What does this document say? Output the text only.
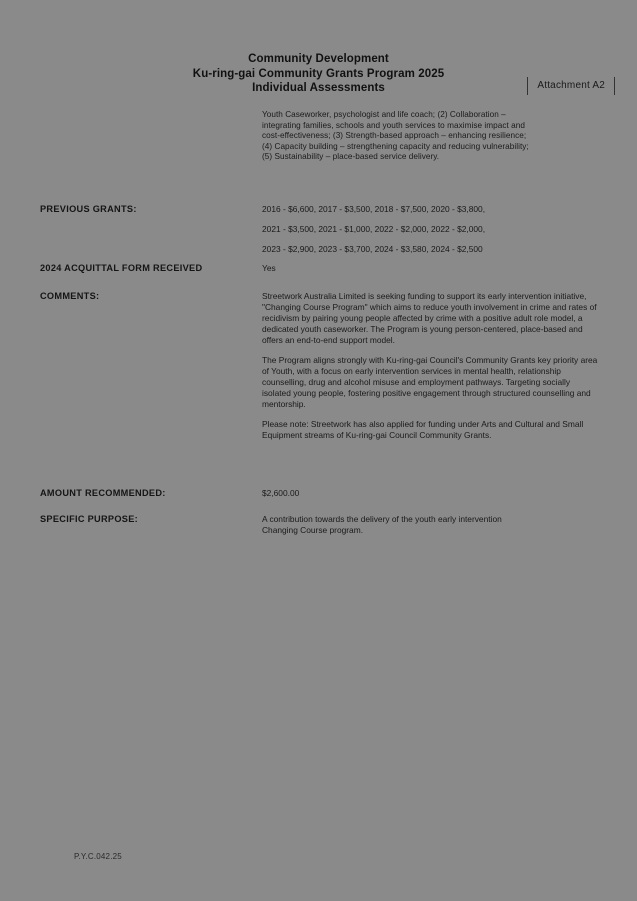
Community Development
Ku-ring-gai Community Grants Program 2025
Individual Assessments	Attachment A2
Youth Caseworker, psychologist and life coach; (2) Collaboration –
integrating families, schools and youth services to maximise impact and
cost-effectiveness; (3) Strength-based approach – enhancing resilience;
(4) Capacity building – strengthening capacity and reducing vulnerability;
(5) Sustainability – place-based service delivery.
PREVIOUS GRANTS:	2016 - $6,600, 2017 - $3,500, 2018 - $7,500, 2020 - $3,800,
2021 - $3,500, 2021 - $1,000, 2022 - $2,000, 2022 - $2,000,
2023 - $2,900, 2023 - $3,700, 2024 - $3,580, 2024 - $2,500
2024 ACQUITTAL FORM RECEIVED	Yes
COMMENTS:	Streetwork Australia Limited is seeking funding to support its early intervention initiative, "Changing Course Program" which aims to reduce youth involvement in crime and rates of recidivism by pairing young people affected by crime with a positive adult role model, a dedicated youth caseworker. The Program is young person-centered, place-based and offers an end-to-end support model.

The Program aligns strongly with Ku-ring-gai Council's Community Grants key priority area of Youth, with a focus on early intervention services in mental health, relationship counselling, drug and alcohol misuse and employment pathways. Targeting socially isolated young people, fostering positive engagement through structured counselling and mentorship.

Please note: Streetwork has also applied for funding under Arts and Cultural and Small Equipment streams of Ku-ring-gai Council Community Grants.

AMOUNT RECOMMENDED:	$2,600.00
SPECIFIC PURPOSE:	A contribution towards the delivery of the youth early intervention
Changing Course program.
P.Y.C.042.25
